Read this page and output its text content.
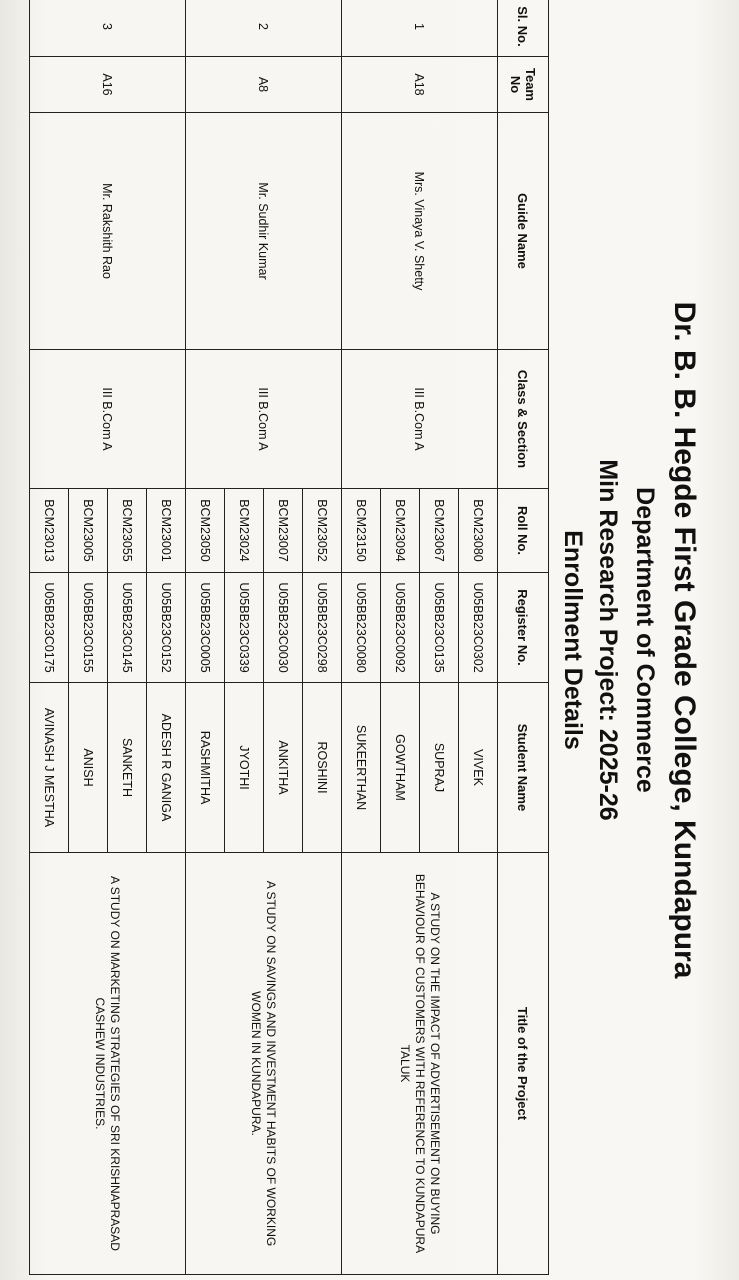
Dr. B. B. Hegde First Grade College, Kundapura
Department of Commerce
Min Research Project: 2025-26
Enrollment Details
Sl. No.	Team No	Guide Name	Class & Section	Roll No.	Register No.	Student Name	Title of the Project
1	A18	Mrs. Vinaya V. Shetty	III B.Com A	BCM23080	U05BB23C0302	VIVEK	A STUDY ON THE IMPACT OF ADVERTISEMENT ON BUYING BEHAVIOUR OF CUSTOMERS WITH REFERENCE TO KUNDAPURA TALUK
				BCM23067	U05BB23C0135	SUPRAJ	
				BCM23094	U05BB23C0092	GOWTHAM	
				BCM23150	U05BB23C0080	SUKEERTHAN	
2	A8	Mr. Sudhir Kumar	III B.Com A	BCM23052	U05BB23C0298	ROSHINI	A STUDY ON SAVINGS AND INVESTMENT HABITS OF WORKING WOMEN IN KUNDAPURA.
				BCM23007	U05BB23C0030	ANKITHA	
				BCM23024	U05BB23C0339	JYOTHI	
				BCM23050	U05BB23C0005	RASHMITHA	
3	A16	Mr. Rakshith Rao	III B.Com A	BCM23001	U05BB23C0152	ADESH R GANIGA	A STUDY ON MARKETING STRATEGIES OF SRI KRISHNAPRASAD CASHEW INDUSTRIES.
				BCM23055	U05BB23C0145	SANKETH	
				BCM23005	U05BB23C0155	ANISH	
				BCM23013	U05BB23C0175	AVINASH J MESTHA	
